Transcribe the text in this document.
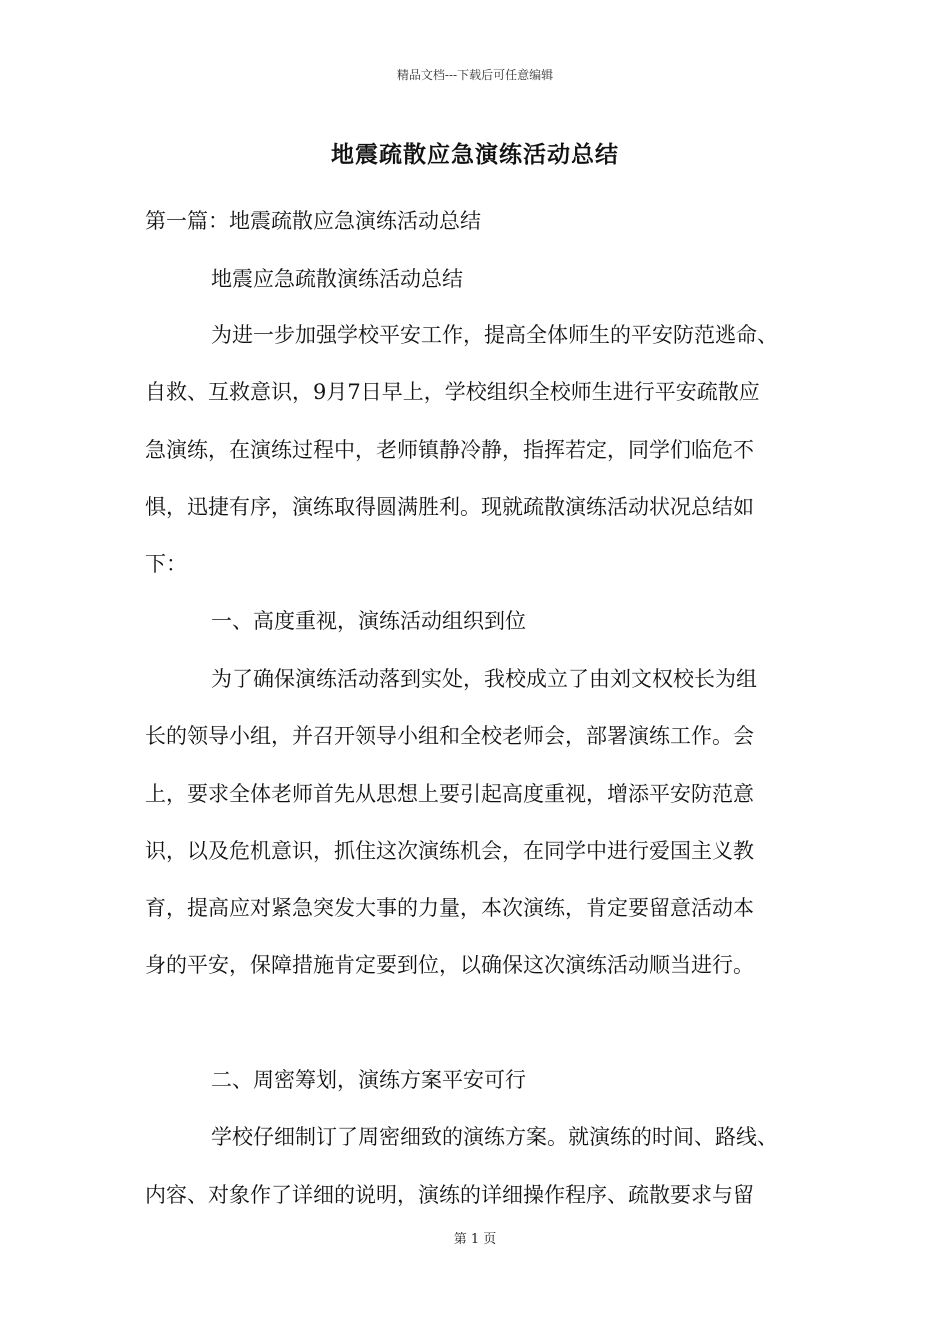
精品文档---下载后可任意编辑
地震疏散应急演练活动总结
第一篇：地震疏散应急演练活动总结
地震应急疏散演练活动总结
为进一步加强学校平安工作，提高全体师生的平安防范逃命、
自救、互救意识，9月7日早上，学校组织全校师生进行平安疏散应
急演练，在演练过程中，老师镇静冷静，指挥若定，同学们临危不
惧，迅捷有序，演练取得圆满胜利。现就疏散演练活动状况总结如
下：
一、高度重视，演练活动组织到位
为了确保演练活动落到实处，我校成立了由刘文权校长为组
长的领导小组，并召开领导小组和全校老师会，部署演练工作。会
上，要求全体老师首先从思想上要引起高度重视，增添平安防范意
识，以及危机意识，抓住这次演练机会，在同学中进行爱国主义教
育，提高应对紧急突发大事的力量，本次演练，肯定要留意活动本
身的平安，保障措施肯定要到位，以确保这次演练活动顺当进行。
二、周密筹划，演练方案平安可行
学校仔细制订了周密细致的演练方案。就演练的时间、路线、
内容、对象作了详细的说明，演练的详细操作程序、疏散要求与留
第 1 页
